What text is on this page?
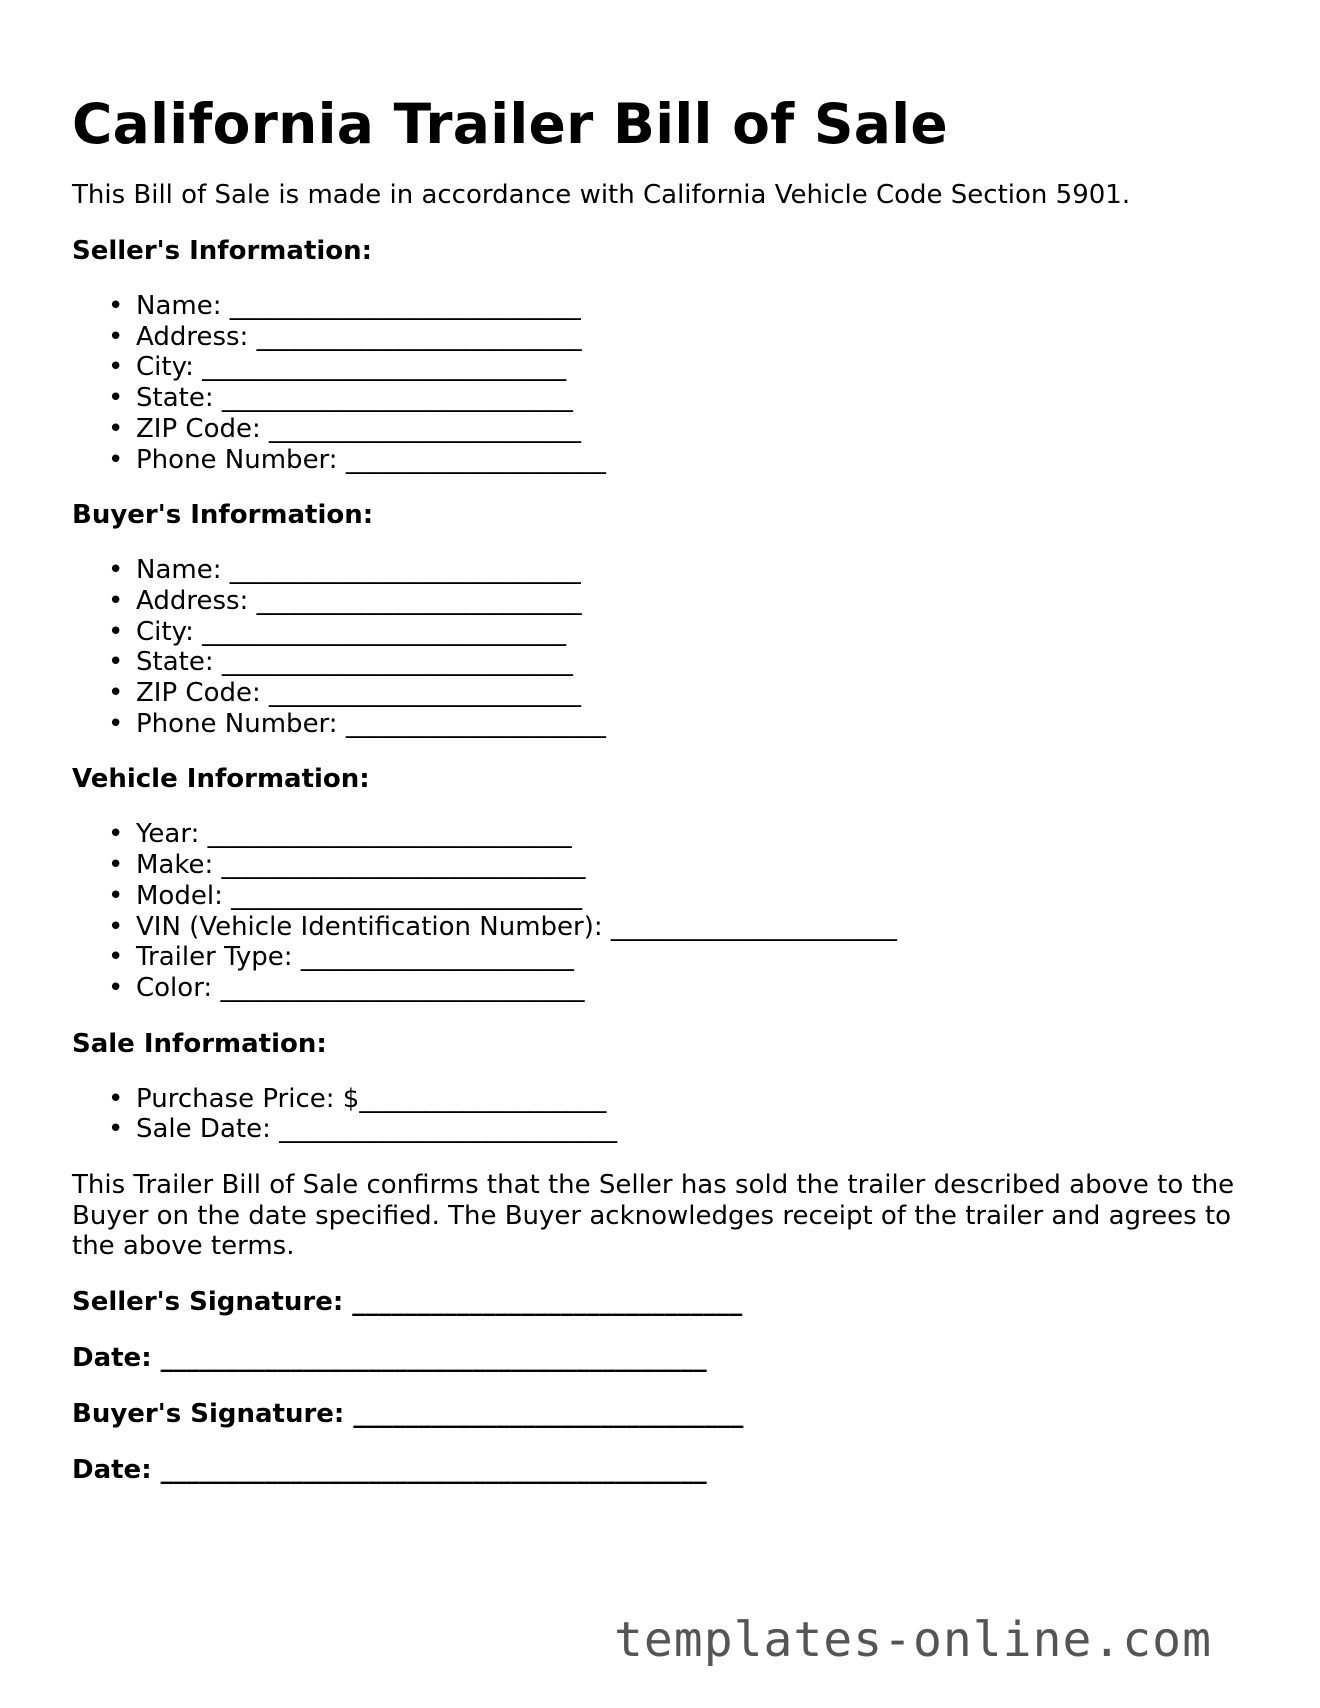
California Trailer Bill of Sale

This Bill of Sale is made in accordance with California Vehicle Code Section 5901.

Seller's Information:
• Name: ___________________________
• Address: _________________________
• City: ____________________________
• State: ___________________________
• ZIP Code: ________________________
• Phone Number: ____________________
Buyer's Information:
• Name: ___________________________
• Address: _________________________
• City: ____________________________
• State: ___________________________
• ZIP Code: ________________________
• Phone Number: ____________________
Vehicle Information:
• Year: ____________________________
• Make: ____________________________
• Model: ___________________________
• VIN (Vehicle Identification Number): ______________________
• Trailer Type: _____________________
• Color: ____________________________
Sale Information:
• Purchase Price: $___________________
• Sale Date: __________________________

This Trailer Bill of Sale confirms that the Seller has sold the trailer described above to the Buyer on the date specified. The Buyer acknowledges receipt of the trailer and agrees to the above terms.

Seller's Signature: ______________________________
Date: __________________________________________
Buyer's Signature: ______________________________
Date: __________________________________________
templates-online.com
